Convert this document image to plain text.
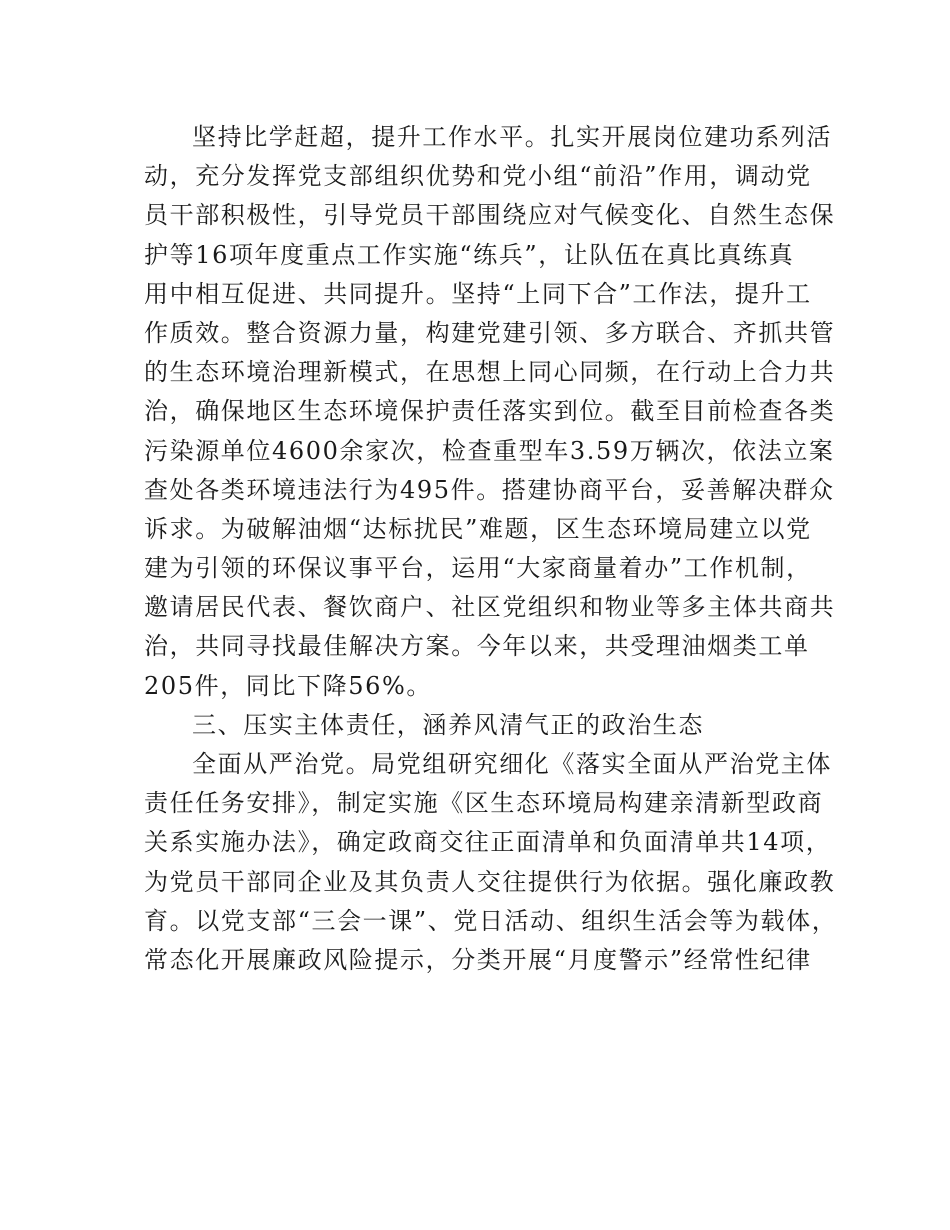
坚持比学赶超，提升工作水平。扎实开展岗位建功系列活
动，充分发挥党支部组织优势和党小组“前沿”作用，调动党
员干部积极性，引导党员干部围绕应对气候变化、自然生态保
护等16项年度重点工作实施“练兵”，让队伍在真比真练真
用中相互促进、共同提升。坚持“上同下合”工作法，提升工
作质效。整合资源力量，构建党建引领、多方联合、齐抓共管
的生态环境治理新模式，在思想上同心同频，在行动上合力共
治，确保地区生态环境保护责任落实到位。截至目前检查各类
污染源单位4600余家次，检查重型车3.59万辆次，依法立案
查处各类环境违法行为495件。搭建协商平台，妥善解决群众
诉求。为破解油烟“达标扰民”难题，区生态环境局建立以党
建为引领的环保议事平台，运用“大家商量着办”工作机制，
邀请居民代表、餐饮商户、社区党组织和物业等多主体共商共
治，共同寻找最佳解决方案。今年以来，共受理油烟类工单
205件，同比下降56%。
三、压实主体责任，涵养风清气正的政治生态
全面从严治党。局党组研究细化《落实全面从严治党主体
责任任务安排》，制定实施《区生态环境局构建亲清新型政商
关系实施办法》，确定政商交往正面清单和负面清单共14项，
为党员干部同企业及其负责人交往提供行为依据。强化廉政教
育。以党支部“三会一课”、党日活动、组织生活会等为载体，
常态化开展廉政风险提示，分类开展“月度警示”经常性纪律
